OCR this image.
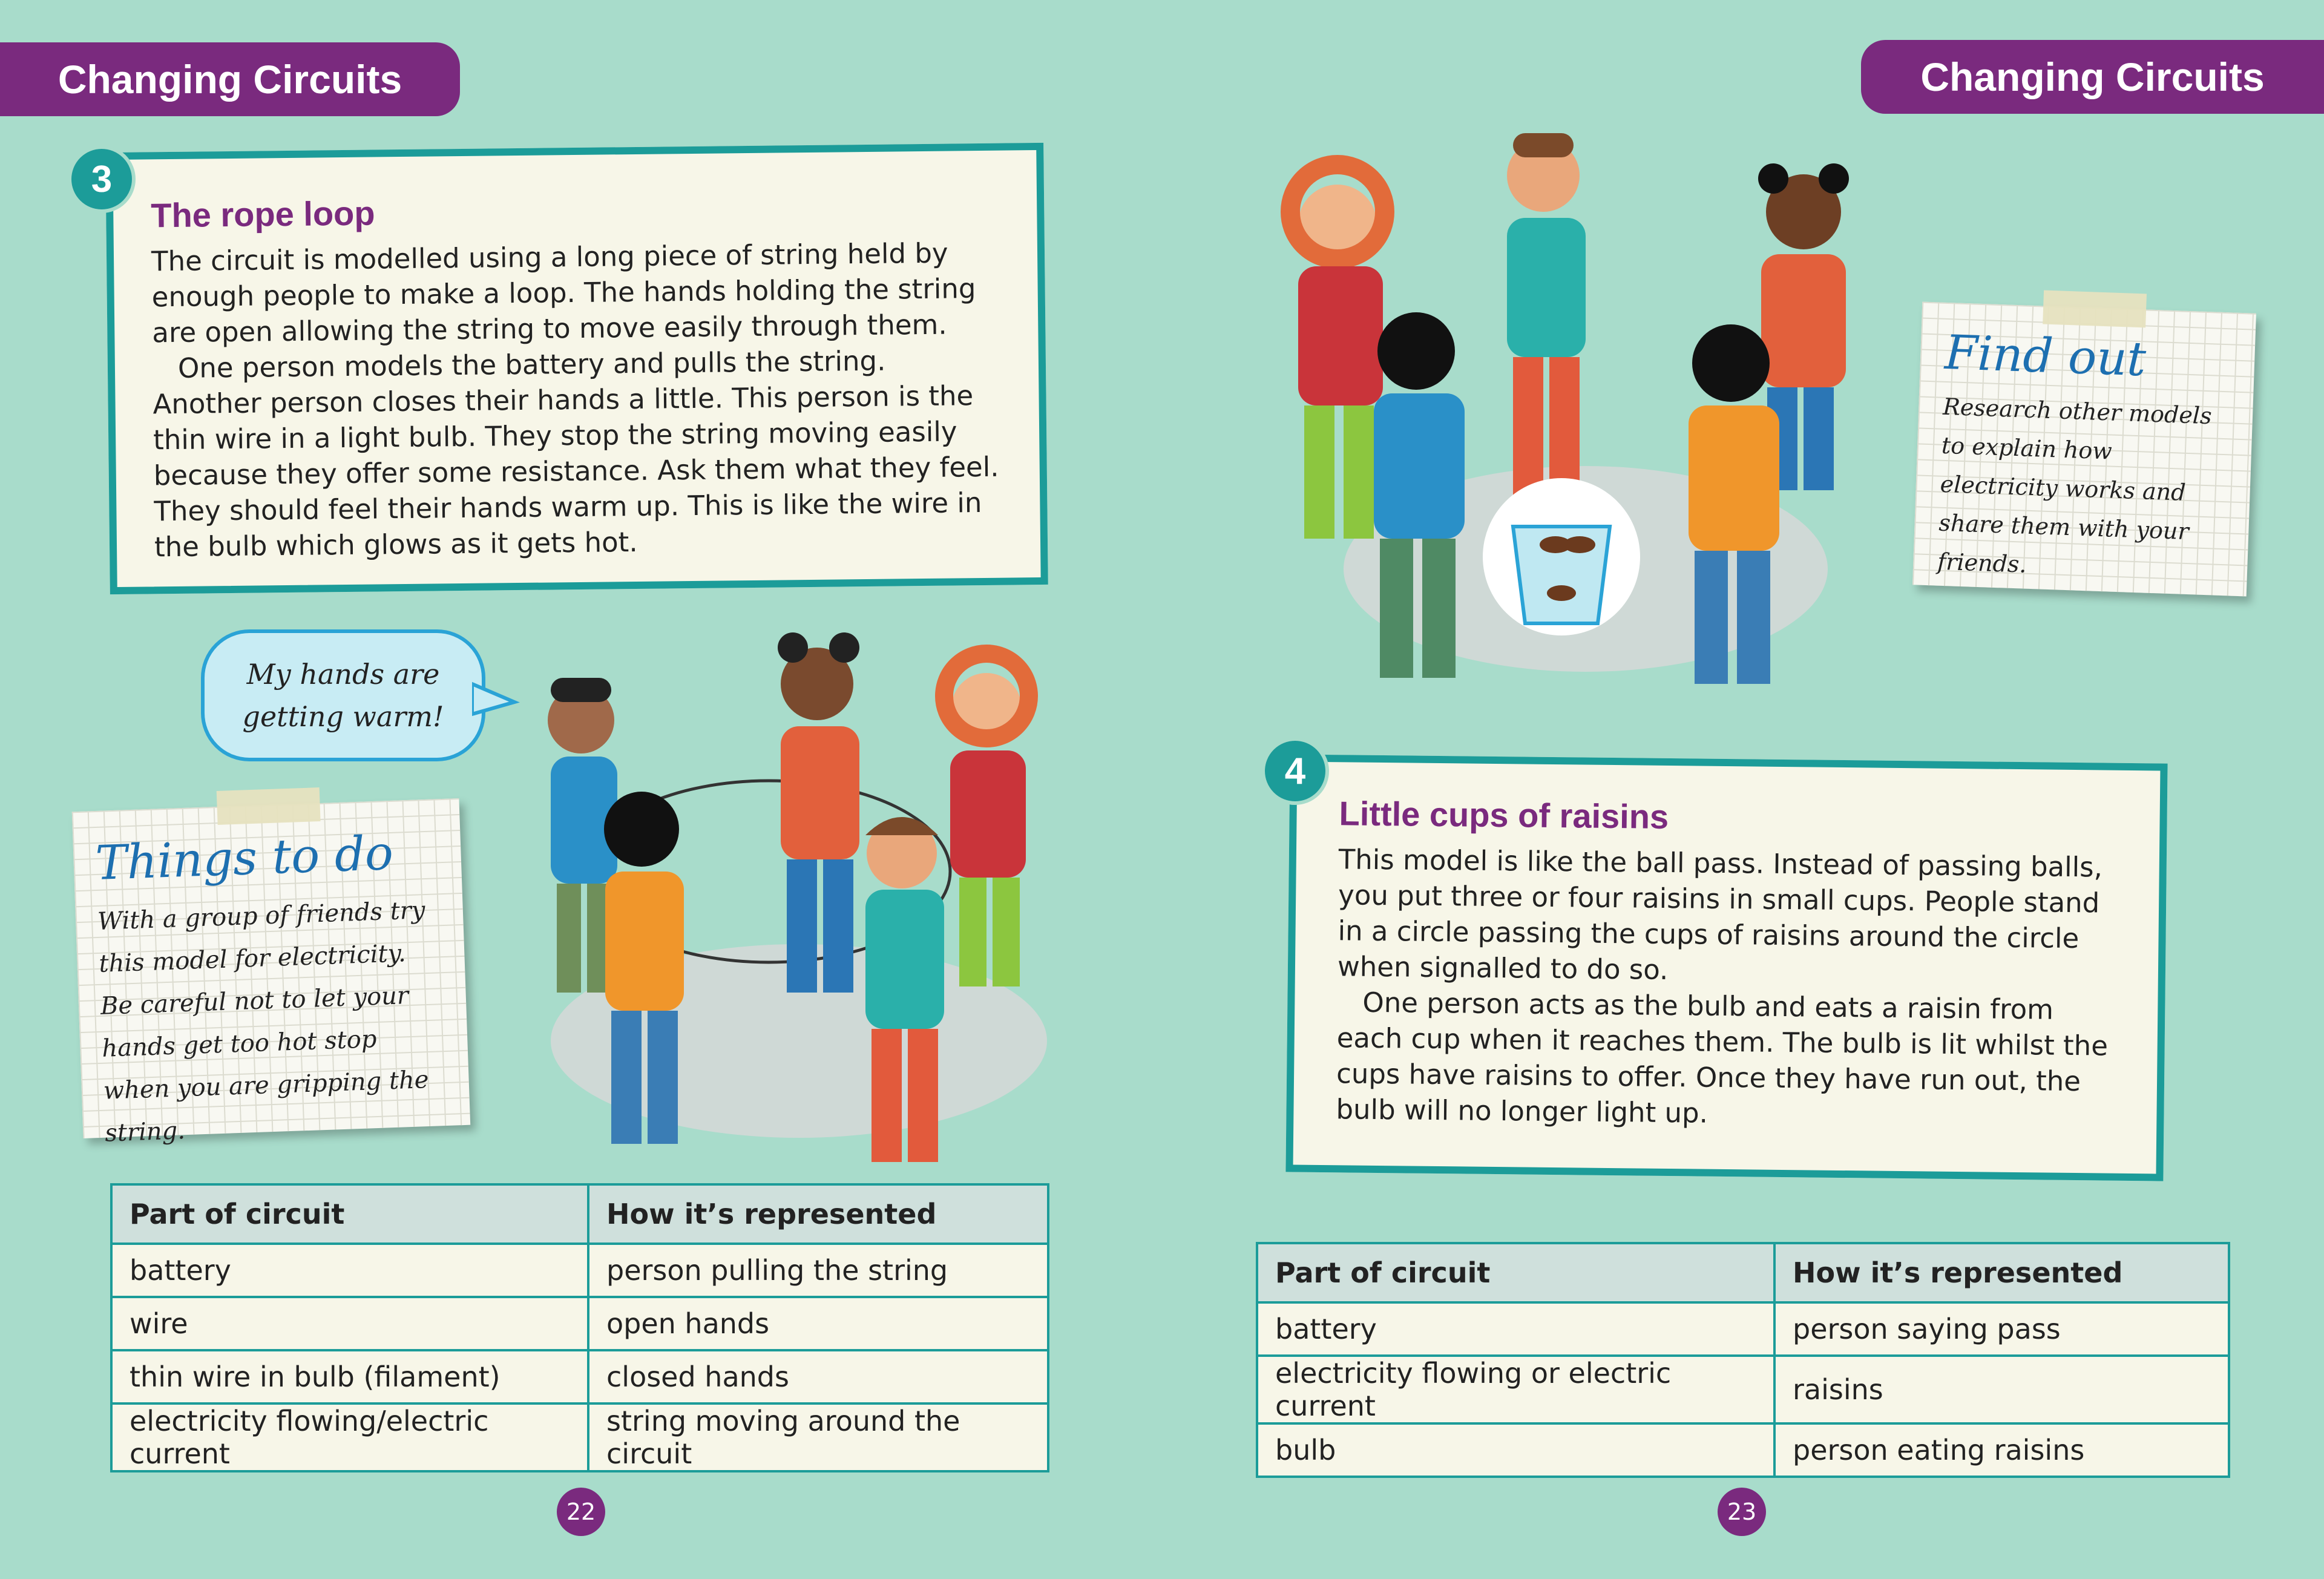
Changing Circuits	Changing Circuits
The rope loop

The circuit is modelled using a long piece of string held by enough people to make a loop. The hands holding the string are open allowing the string to move easily through them.

One person models the battery and pulls the string. Another person closes their hands a little. This person is the thin wire in a light bulb. They stop the string moving easily because they offer some resistance. Ask them what they feel. They should feel their hands warm up. This is like the wire in the bulb which glows as it gets hot.

3
My hands are getting warm!
Things to do

With a group of friends try this model for electricity. Be careful not to let your hands get too hot stop when you are gripping the string.

Part of circuit	How it’s represented
battery	person pulling the string
wire	open hands
thin wire in bulb (filament)	closed hands
electricity flowing/electric current	string moving around the circuit
22
Find out

Research other models to explain how electricity works and share them with your friends.

Little cups of raisins

This model is like the ball pass. Instead of passing balls, you put three or four raisins in small cups. People stand in a circle passing the cups of raisins around the circle when signalled to do so.

One person acts as the bulb and eats a raisin from each cup when it reaches them. The bulb is lit whilst the cups have raisins to offer. Once they have run out, the bulb will no longer light up.

4
Part of circuit	How it’s represented
battery	person saying pass
electricity flowing or electric current	raisins
bulb	person eating raisins
23
